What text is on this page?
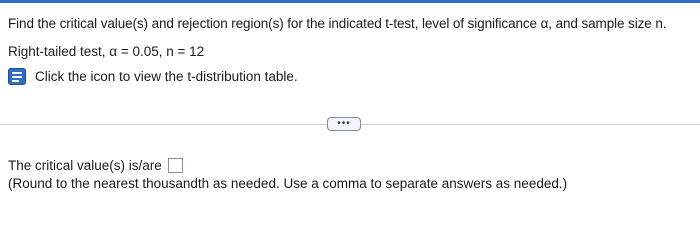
Find the critical value(s) and rejection region(s) for the indicated t-test, level of significance α, and sample size n.
Right-tailed test, α = 0.05, n = 12
Click the icon to view the t-distribution table.
•••
The critical value(s) is/are
(Round to the nearest thousandth as needed. Use a comma to separate answers as needed.)
